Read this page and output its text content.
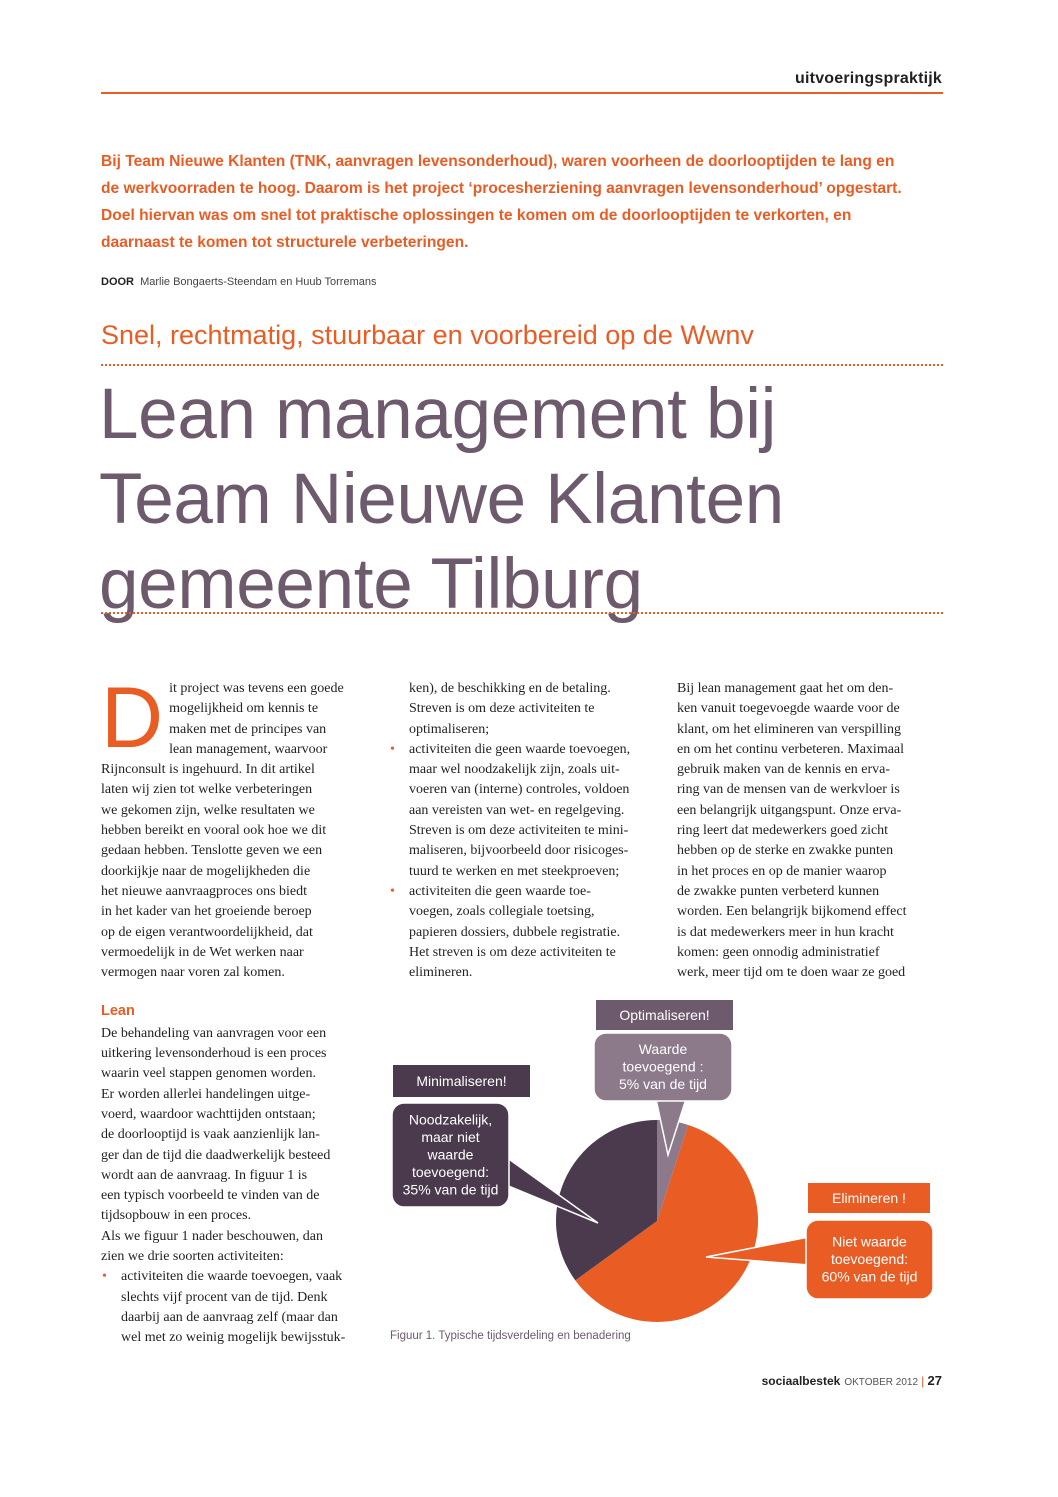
uitvoeringspraktijk

Bij Team Nieuwe Klanten (TNK, aanvragen levensonderhoud), waren voorheen de doorlooptijden te lang en

de werkvoorraden te hoog. Daarom is het project ‘procesherziening aanvragen levensonderhoud’ opgestart.

Doel hiervan was om snel tot praktische oplossingen te komen om de doorlooptijden te verkorten, en

daarnaast te komen tot structurele verbeteringen.

DOOR Marlie Bongaerts-Steendam en Huub Torremans
Snel, rechtmatig, stuurbaar en voorbereid op de Wwnv
Lean management bij
Team Nieuwe Klanten
gemeente Tilburg

D it project was tevens een goede
mogelijkheid om kennis te
maken met de principes van
lean management, waarvoor
Rijnconsult is ingehuurd. In dit artikel
laten wij zien tot welke verbeteringen
we gekomen zijn, welke resultaten we
hebben bereikt en vooral ook hoe we dit
gedaan hebben. Tenslotte geven we een
doorkijkje naar de mogelijkheden die
het nieuwe aanvraagproces ons biedt
in het kader van het groeiende beroep
op de eigen verantwoordelijkheid, dat
vermoedelijk in de Wet werken naar
vermogen naar voren zal komen.

Lean

De behandeling van aanvragen voor een
uitkering levensonderhoud is een proces
waarin veel stappen genomen worden.
Er worden allerlei handelingen uitge-
voerd, waardoor wachttijden ontstaan;
de doorlooptijd is vaak aanzienlijk lan-
ger dan de tijd die daadwerkelijk besteed
wordt aan de aanvraag. In figuur 1 is
een typisch voorbeeld te vinden van de
tijdsopbouw in een proces.
Als we figuur 1 nader beschouwen, dan
zien we drie soorten activiteiten:

• activiteiten die waarde toevoegen, vaak
slechts vijf procent van de tijd. Denk
daarbij aan de aanvraag zelf (maar dan
wel met zo weinig mogelijk bewijsstuk-
ken), de beschikking en de betaling.
Streven is om deze activiteiten te
optimaliseren;
• activiteiten die geen waarde toevoegen,
maar wel noodzakelijk zijn, zoals uit-
voeren van (interne) controles, voldoen
aan vereisten van wet- en regelgeving.
Streven is om deze activiteiten te mini-
maliseren, bijvoorbeeld door risicoges-
tuurd te werken en met steekproeven;
• activiteiten die geen waarde toe-
voegen, zoals collegiale toetsing,
papieren dossiers, dubbele registratie.
Het streven is om deze activiteiten te
elimineren.
Bij lean management gaat het om den-
ken vanuit toegevoegde waarde voor de
klant, om het elimineren van verspilling
en om het continu verbeteren. Maximaal
gebruik maken van de kennis en erva-
ring van de mensen van de werkvloer is
een belangrijk uitgangspunt. Onze erva-
ring leert dat medewerkers goed zicht
hebben op de sterke en zwakke punten
in het proces en op de manier waarop
de zwakke punten verbeterd kunnen
worden. Een belangrijk bijkomend effect
is dat medewerkers meer in hun kracht
komen: geen onnodig administratief
werk, meer tijd om te doen waar ze goed
Optimaliseren!
Waarde
toevoegend :
5% van de tijd
Minimaliseren!
Noodzakelijk,
maar niet
waarde
toevoegend:
35% van de tijd
Elimineren !
Niet waarde
toevoegend:
60% van de tijd
Figuur 1. Typische tijdsverdeling en benadering
sociaalbestek OKTOBER 2012 | 27
